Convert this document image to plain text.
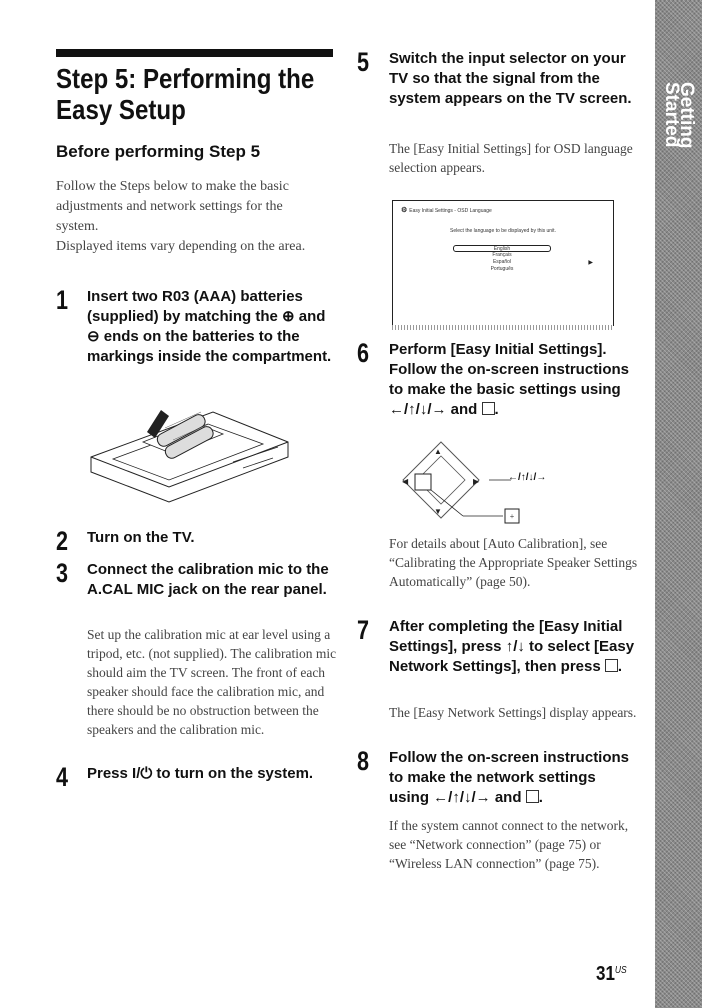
Getting
Started
Step 5: Performing the
Easy Setup
Before performing Step 5

Follow the Steps below to make the basic adjustments and network settings for the system.

Displayed items vary depending on the area.

1 Insert two R03 (AAA) batteries (supplied) by matching the ⊕ and ⊖ ends on the batteries to the markings inside the compartment.
2 Turn on the TV.
3 Connect the calibration mic to the A.CAL MIC jack on the rear panel.
Set up the calibration mic at ear level using a tripod, etc. (not supplied). The calibration mic should aim the TV screen. The front of each speaker should face the calibration mic, and there should be no obstruction between the speakers and the calibration mic.
4 Press I/⏻ to turn on the system.
5 Switch the input selector on your TV so that the signal from the system appears on the TV screen.
The [Easy Initial Settings] for OSD language selection appears.
⚙ Easy Initial Settings - OSD Language
Select the language to be displayed by this unit.
English
Français
Español
Português
▶
6 Perform [Easy Initial Settings]. Follow the on-screen instructions to make the basic settings using ←/↑/↓/→ and .
For details about [Auto Calibration], see “Calibrating the Appropriate Speaker Settings Automatically” (page 50).
▲
▼
◀	▶
+
←/↑/↓/→
7 After completing the [Easy Initial Settings], press ↑/↓ to select [Easy Network Settings], then press .
The [Easy Network Settings] display appears.
8 Follow the on-screen instructions to make the network settings using ←/↑/↓/→ and .
If the system cannot connect to the network, see “Network connection” (page 75) or “Wireless LAN connection” (page 75).
$31^{US}$
